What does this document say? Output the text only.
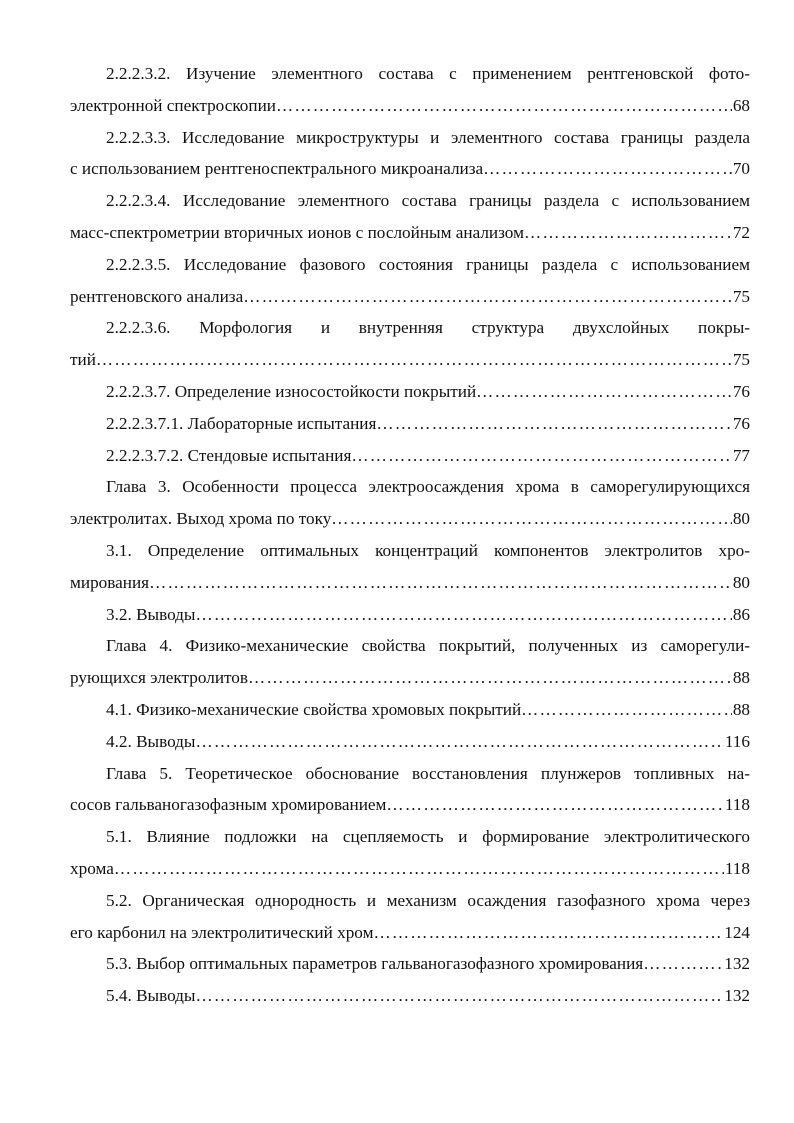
2.2.2.3.2. Изучение элементного состава с применением рентгеновской фото-
электронной спектроскопии ……………………………………………………………………………………………………………………………………………………………………………………	68
2.2.2.3.3. Исследование микроструктуры и элементного состава границы раздела
с использованием рентгеноспектрального микроанализа ……………………………………………………………………………………………………………………………………………………………………………………	70
2.2.2.3.4. Исследование элементного состава границы раздела с использованием
масс-спектрометрии вторичных ионов с послойным анализом ……………………………………………………………………………………………………………………………………………………………………………………	72
2.2.2.3.5. Исследование фазового состояния границы раздела с использованием
рентгеновского анализа ……………………………………………………………………………………………………………………………………………………………………………………	75
2.2.2.3.6. Морфология и внутренняя структура двухслойных покры-
тий ……………………………………………………………………………………………………………………………………………………………………………………	75
2.2.2.3.7. Определение износостойкости покрытий ……………………………………………………………………………………………………………………………………………………………………………………	76
2.2.2.3.7.1. Лабораторные испытания ……………………………………………………………………………………………………………………………………………………………………………………	76
2.2.2.3.7.2. Стендовые испытания ……………………………………………………………………………………………………………………………………………………………………………………	77
Глава 3. Особенности процесса электроосаждения хрома в саморегулирующихся
электролитах. Выход хрома по току ……………………………………………………………………………………………………………………………………………………………………………………	80
3.1. Определение оптимальных концентраций компонентов электролитов хро-
мирования ……………………………………………………………………………………………………………………………………………………………………………………	80
3.2. Выводы ……………………………………………………………………………………………………………………………………………………………………………………	86
Глава 4. Физико-механические свойства покрытий, полученных из саморегули-
рующихся электролитов ……………………………………………………………………………………………………………………………………………………………………………………	88
4.1. Физико-механические свойства хромовых покрытий ……………………………………………………………………………………………………………………………………………………………………………………	88
4.2. Выводы ……………………………………………………………………………………………………………………………………………………………………………………	116
Глава 5. Теоретическое обоснование восстановления плунжеров топливных на-
сосов гальваногазофазным хромированием ……………………………………………………………………………………………………………………………………………………………………………………	118
5.1. Влияние подложки на сцепляемость и формирование электролитического
хрома ……………………………………………………………………………………………………………………………………………………………………………………	118
5.2. Органическая однородность и механизм осаждения газофазного хрома через
его карбонил на электролитический хром ……………………………………………………………………………………………………………………………………………………………………………………	124
5.3. Выбор оптимальных параметров гальваногазофазного хромирования ……………………………………………………………………………………………………………………………………………………………………………………	132
5.4. Выводы ……………………………………………………………………………………………………………………………………………………………………………………	132
